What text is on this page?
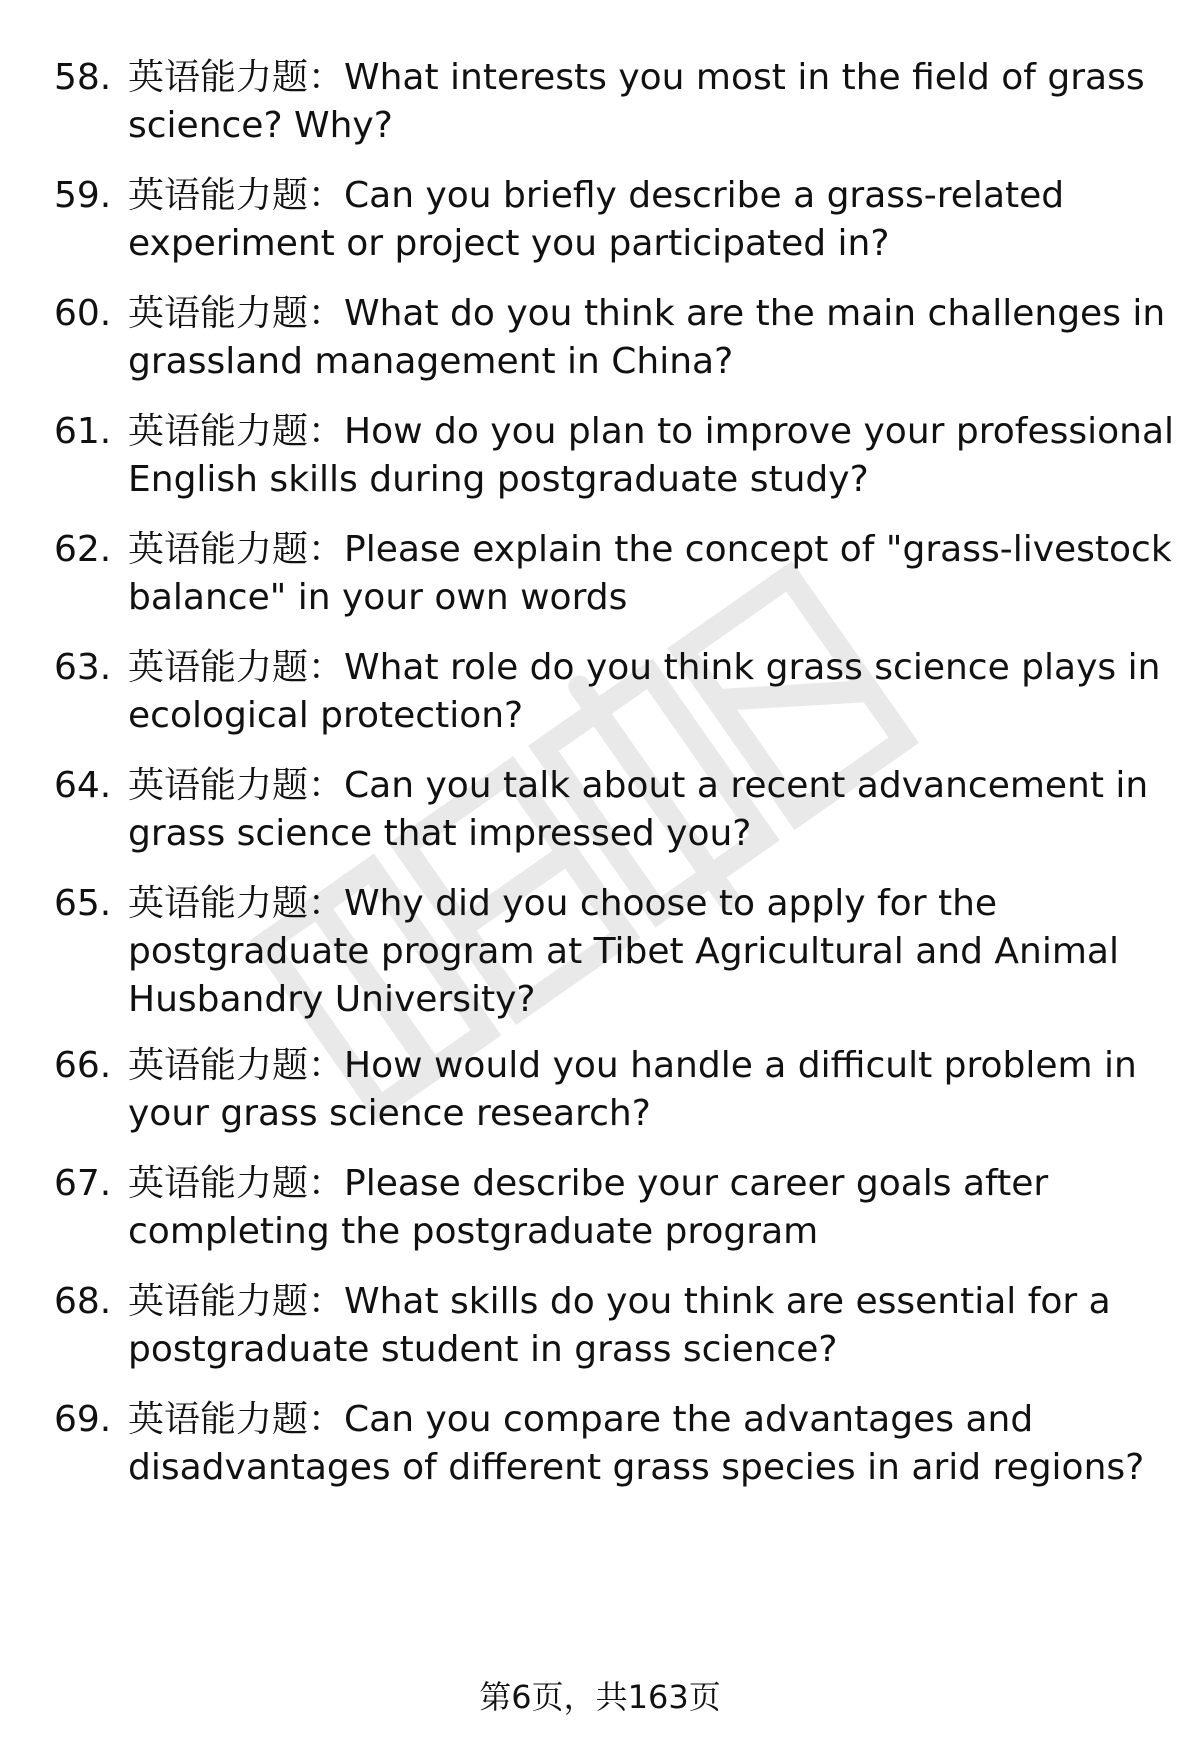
58. 英语能力题：What interests you most in the field of grass
science? Why?
59. 英语能力题：Can you briefly describe a grass-related
experiment or project you participated in?
60. 英语能力题：What do you think are the main challenges in
grassland management in China?
61. 英语能力题：How do you plan to improve your professional
English skills during postgraduate study?
62. 英语能力题：Please explain the concept of "grass-livestock
balance" in your own words
63. 英语能力题：What role do you think grass science plays in
ecological protection?
64. 英语能力题：Can you talk about a recent advancement in
grass science that impressed you?
65. 英语能力题：Why did you choose to apply for the
postgraduate program at Tibet Agricultural and Animal
Husbandry University?
66. 英语能力题：How would you handle a difficult problem in
your grass science research?
67. 英语能力题：Please describe your career goals after
completing the postgraduate program
68. 英语能力题：What skills do you think are essential for a
postgraduate student in grass science?
69. 英语能力题：Can you compare the advantages and
disadvantages of different grass species in arid regions?
第6页，共163页
